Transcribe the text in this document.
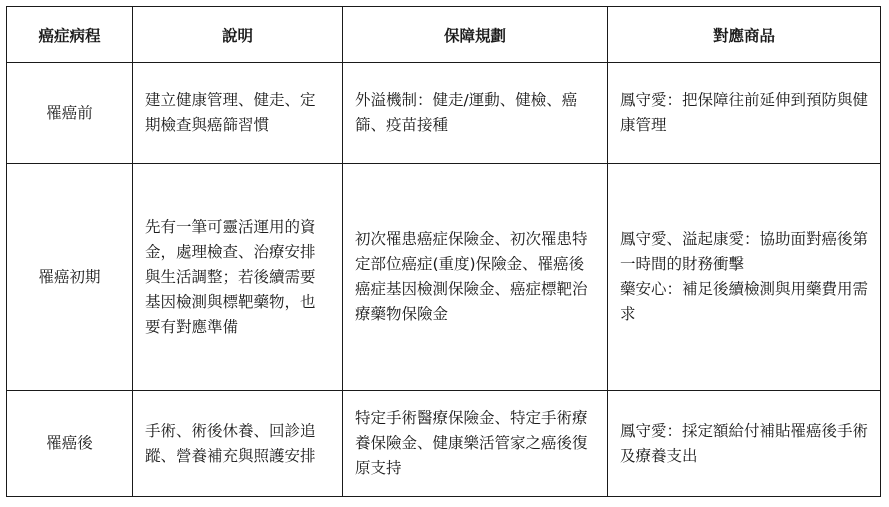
癌症病程	說明	保障規劃	對應商品
罹癌前	建立健康管理、健走、定期檢查與癌篩習慣	外溢機制：健走/運動、健檢、癌篩、疫苗接種	鳳守愛：把保障往前延伸到預防與健康管理

罹癌初期	先有一筆可靈活運用的資金，處理檢查、治療安排與生活調整；若後續需要基因檢測與標靶藥物，也要有對應準備	初次罹患癌症保險金、初次罹患特定部位癌症(重度)保險金、罹癌後癌症基因檢測保險金、癌症標靶治療藥物保險金	鳳守愛、溢起康愛：協助面對癌後第一時間的財務衝擊
藥安心：補足後續檢測與用藥費用需求

罹癌後	手術、術後休養、回診追蹤、營養補充與照護安排	特定手術醫療保險金、特定手術療養保險金、健康樂活管家之癌後復原支持	鳳守愛：採定額給付補貼罹癌後手術及療養支出
